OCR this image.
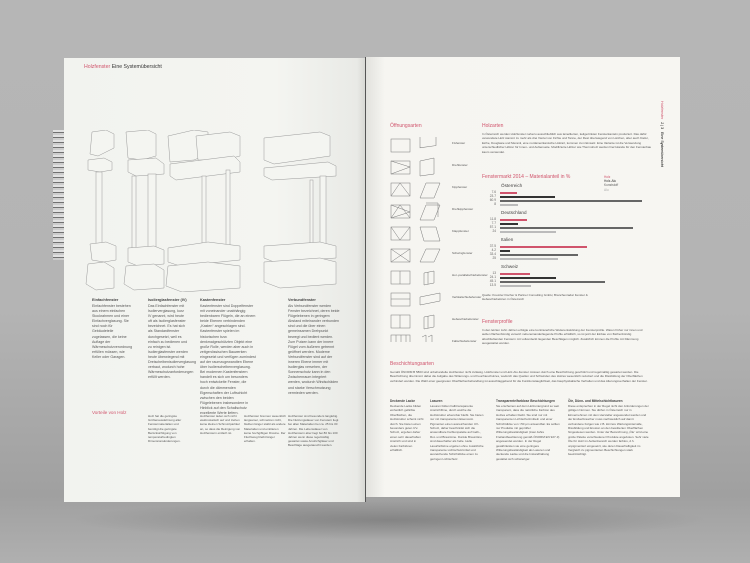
Holzfenster Eine Systemübersicht
Einfachfenster
Einfachfenster bestehen aus einem einfachen Stockrahmen und einer Einfachverglasung. Sie sind noch für Gebäudeteile zugelassen, die keine Auflage der Wärmeschutzverordnung erfüllen müssen, wie Keller oder Garagen.
Isolierglasfenster (IV)
Das Einfachfenster mit Isolierverglasung, kurz IV genannt, wird heute oft als Isolierglasfenster bezeichnet. Es hat sich als Standardfenster durchgesetzt, weil es einfach zu bedienen und zu reinigen ist. Isolierglasfenster werden heute überwiegend mit Dreischeibenisolierverglasung verbaut, wodurch hohe Wärmeschutzanforderungen erfüllt werden.
Kastenfenster
Kastenfenster sind Doppelfenster mit voneinander unabhängig bedienbaren Flügeln, die an einem beide Ebenen verbindenden „Kasten“ angeschlagen sind. Kastenfenster spielen im historischen bzw. denkmalgeschützten Objekt eine große Rolle, werden aber auch in zeitgenössischen Bauwerken eingesetzt und verfügen zumindest auf der raumzugewandten Ebene über Isolierscheibenverglasung. Bei modernen Kastenfenstern handelt es sich um besonders hoch entwickelte Fenster, die durch die dämmenden Eigenschaften der Luftschicht zwischen den beiden Flügelebenen insbesondere in Hinblick auf den Schallschutz exzellente Werte liefern.
Verbundfenster
Als Verbundfenster werden Fenster bezeichnet, deren beide Flügelebenen in geringem Abstand miteinander verbunden sind und die über einen gemeinsamen Drehpunkt bewegt und bedient werden. Zum Putzen kann der innere Flügel vom äußeren getrennt geöffnet werden. Moderne Verbundfenster sind auf der inneren Ebene immer mit Isolierglas versehen, der Sonnenschutz kann in den Zwischenraum integriert werden, wodurch Windschäden und starke Verschmutzung vermieden werden.
Vorteile von Holz
Holz hat die geringste Größenausdehnung aller Fenstermaterialien und benötigt die geringste Berücksichtigung von temperaturbedingten Dimensionsänderungen.
Holzfenster laden sich nicht elektrostatisch auf und ziehen keine kleinen Schmutzpartikel an, so dass die Reinigung von Holzfenstern einfach ist.
Holzfenster brennen wesentlich langsamer, schmelzen nicht, bleiben länger stabil als andere Materialien und emittieren keine hochgiftigen Dioxine. Der Fluchtweg bleibt länger erhalten.
Holzfenster sind besonders langlebig. Die Nutzungsdauer von Fenstern liegt bei allen Materialien bei ca. 25 bis 30 Jahren. Die Lebensdauer von Holzfenstern aber liegt bei 80 bis 100 Jahren wenn diese regelmäßig gewartet sowie Anstrichgläser und Beschläge ausgetauscht werden.
Holzfenster   2 | 3   Eine Systemübersicht
Öffnungsarten
Fixfenster
Drehfenster
Kippfenster
Drehkippfenster
Klappfenster
Schwingfenster
Hor.-parallelschiebefenster
Vertikalschiebefenster
Hebeschiebefenster
Faltschiebefenster
Holzarten
In Österreich werden Holzfenster nahezu ausschließlich aus lamellierten, keilgezinkten Fensterkanteln produziert. Das dafür verwendete Holz stammt zu mehr als drei Viertel von Fichte und Tanne, der Rest überwiegend von Lärchen, aber auch Kiefer, Eiche, Douglasie und Meranti, eine nordamerikanische Holzart, kommen zum Einsatz. Eine Variante ist die Verwendung unterschiedlicher Hölzer für Innen- und Außenseite. Modifizierte Hölzer wie Thermoholz werden hierzulande für den Fensterbau kaum verwendet.
Fenstermarkt 2014 – Materialanteil in %	Holz
Holz-Alu
Kunststoff
Alu
Österreich
7.6
23.7
60.9
8
Deutschland
11.8
7.7
57.1
24
Italien
37.5
4.2
33.4
25
Schweiz
13
24.1
45.1
13.5
Quelle: Kreutzer Fischer & Partner Consulting GmbH, Branchenradar Fenster & Hebeschiebetüren in Österreich
Fensterprofile
In den letzten zehn Jahren erfolgte eine kontinuierliche Weiterentwicklung der Fensterprofile. Waren früher nur innen und außen flächenbündig versetzt nebeneinanderliegende Profile erhältlich, so ist jetzt der Einbau von flächenbündig abschließenden Fenstern mit vollverdeckt liegenden Beschlägen möglich. Zusätzlich können die Profile mit Dämmung ausgestattet werden.
Beschichtungsarten
Gemäß ÖNORM B 5803 sind unbehandelte Holzfenster nicht zulässig. Holzfenster und Holz-Alu-Fenster müssen durch eine Beschichtung geschützt und regelmäßig gewartet werden. Die Beschichtung übernimmt dabei die Aufgabe des Witterungs- und Feuchteschutzes, wodurch das Quellen und Schwinden des Holzes wesentlich reduziert und die Rissbildung der Oberflächen verhindert werden. Die Wahl einer geeigneten Oberflächenbehandlung ist ausschlaggebend für die Funktionstauglichkeit, das bauphysikalische Verhalten und das Alterungsverhalten der Fenster.
Deckende Lacke
Deckende Lacke bilden einheitlich gefärbte Oberflächen, die Holzstruktur scheint nicht durch. Sie bieten einen besonders guten UV-Schutz, ergeben daher einen sehr dauerhaften Anstrich und sind in vielen Farbtönen erhältlich.
Lasuren
Lasuren bilden halbtransparente Anstrichfilme, durch welche die Holzstruktur erkennbar bleibt. Sie bieten nur mit transparenten Eisenoxid-Pigmenten einen ausreichenden UV-Schutz, daher beschränkt sich die anwendbare Farbtonpalette auf Gelb-, Rot- und Brauntöne. Dunkle Brauntöne sind dauerhafter als helle. Helle Lasurfarbtöne ergeben ohne zusätzliche transparente Lichtschutzmittel und ausreichende Schichtdicke einen zu geringen Lichtschutz.
Transparente/farblose Beschichtungen
Sie erscheinen auf dem Holzuntergrund so weit transparent, dass die natürliche Farbton des Holzes erhalten bleibt. Sie sind nur mit transparenten Lichtschutzmitteln und einer Schichtdicke von >50 µm anwendbar. Es sollten nur Produkte mit geprüfter Witterungsbeständigkeit (zwei Jahre Freilandbewitterung gemäß ÖNORM EN 927-3) angewendet werden. In der Regel gewährleisten sie eine geringere Witterungsbeständigkeit als Lasuren und deckende Lacke und die Instandhaltung gestaltet sich schwieriger.
Öle, Dünn- und Mittelschichtlasuren
Diese entsprechen in der Regel nicht den Anforderungen der gültigen Normen. Sie dürfen in Österreich nur in Einvernehmen mit dem Hersteller angewendet werden und der Endverbraucher muss nachweislich auf damit verbundene Folgen wie z.B. kürzere Wartungsintervalle, Rissbildung und Erosion an den bewitterten Oberflächen hingewiesen werden. Unter der Bezeichnung „Öle“ wird eine große Palette verschiedener Produkte angeboten. Sehr viele Öle für Holz im Außenbereich werden farblos, d.h. unpigmentiert eingesetzt, wie deren Dauerhaftigkeit im Vergleich zu pigmentierten Beschichtungen stark beeinträchtigt.
